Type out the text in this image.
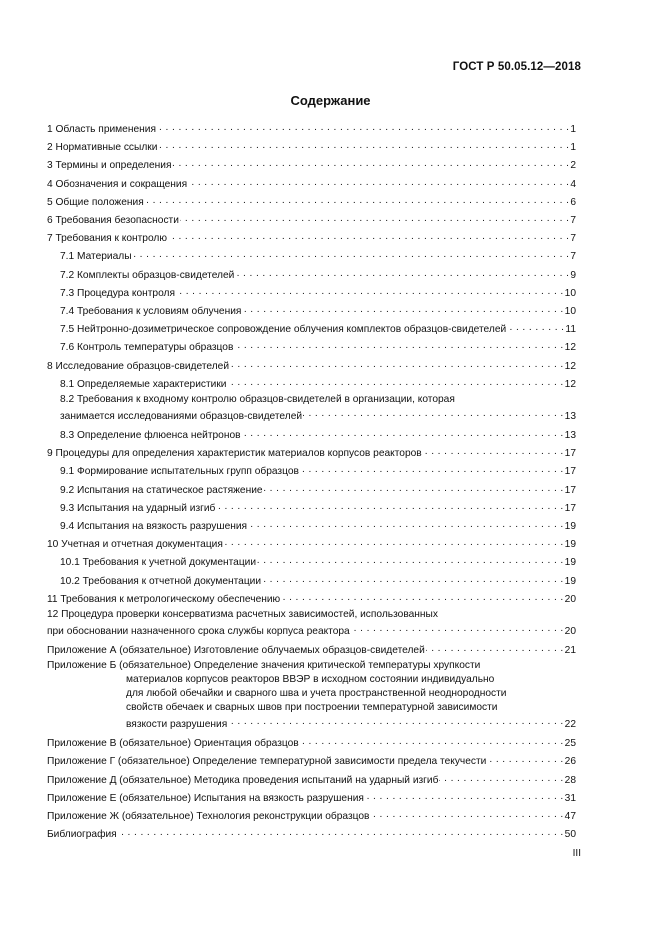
ГОСТ Р 50.05.12—2018
Содержание
1 Область применения . . .	1
2 Нормативные ссылки . . .	1
3 Термины и определения . . .	2
4 Обозначения и сокращения . . .	4
5 Общие положения . . .	6
6 Требования безопасности . . .	7
7 Требования к контролю . . .	7
7.1 Материалы . . .	7
7.2 Комплекты образцов-свидетелей . . .	9
7.3 Процедура контроля . . .	10
7.4 Требования к условиям облучения . . .	10
7.5 Нейтронно-дозиметрическое сопровождение облучения комплектов образцов-свидетелей . . .	11
7.6 Контроль температуры образцов . . .	12
8 Исследование образцов-свидетелей . . .	12
8.1 Определяемые характеристики . . .	12
8.2 Требования к входному контролю образцов-свидетелей в организации, которая
занимается исследованиями образцов-свидетелей . . .	13
8.3 Определение флюенса нейтронов . . .	13
9 Процедуры для определения характеристик материалов корпусов реакторов . . .	17
9.1 Формирование испытательных групп образцов . . .	17
9.2 Испытания на статическое растяжение . . .	17
9.3 Испытания на ударный изгиб . . .	17
9.4 Испытания на вязкость разрушения . . .	19
10 Учетная и отчетная документация . . .	19
10.1 Требования к учетной документации . . .	19
10.2 Требования к отчетной документации . . .	19
11 Требования к метрологическому обеспечению . . .	20
12 Процедура проверки консерватизма расчетных зависимостей, использованных
при обосновании назначенного срока службы корпуса реактора . . .	20
Приложение А (обязательное) Изготовление облучаемых образцов-свидетелей . . .	21
Приложение Б (обязательное) Определение значения критической температуры хрупкости
материалов корпусов реакторов ВВЭР в исходном состоянии индивидуально
для любой обечайки и сварного шва и учета пространственной неоднородности
свойств обечаек и сварных швов при построении температурной зависимости
вязкости разрушения . . .	22
Приложение В (обязательное) Ориентация образцов . . .	25
Приложение Г (обязательное) Определение температурной зависимости предела текучести . . .	26
Приложение Д (обязательное) Методика проведения испытаний на ударный изгиб . . .	28
Приложение Е (обязательное) Испытания на вязкость разрушения . . .	31
Приложение Ж (обязательное) Технология реконструкции образцов . . .	47
Библиография . . .	50
III
